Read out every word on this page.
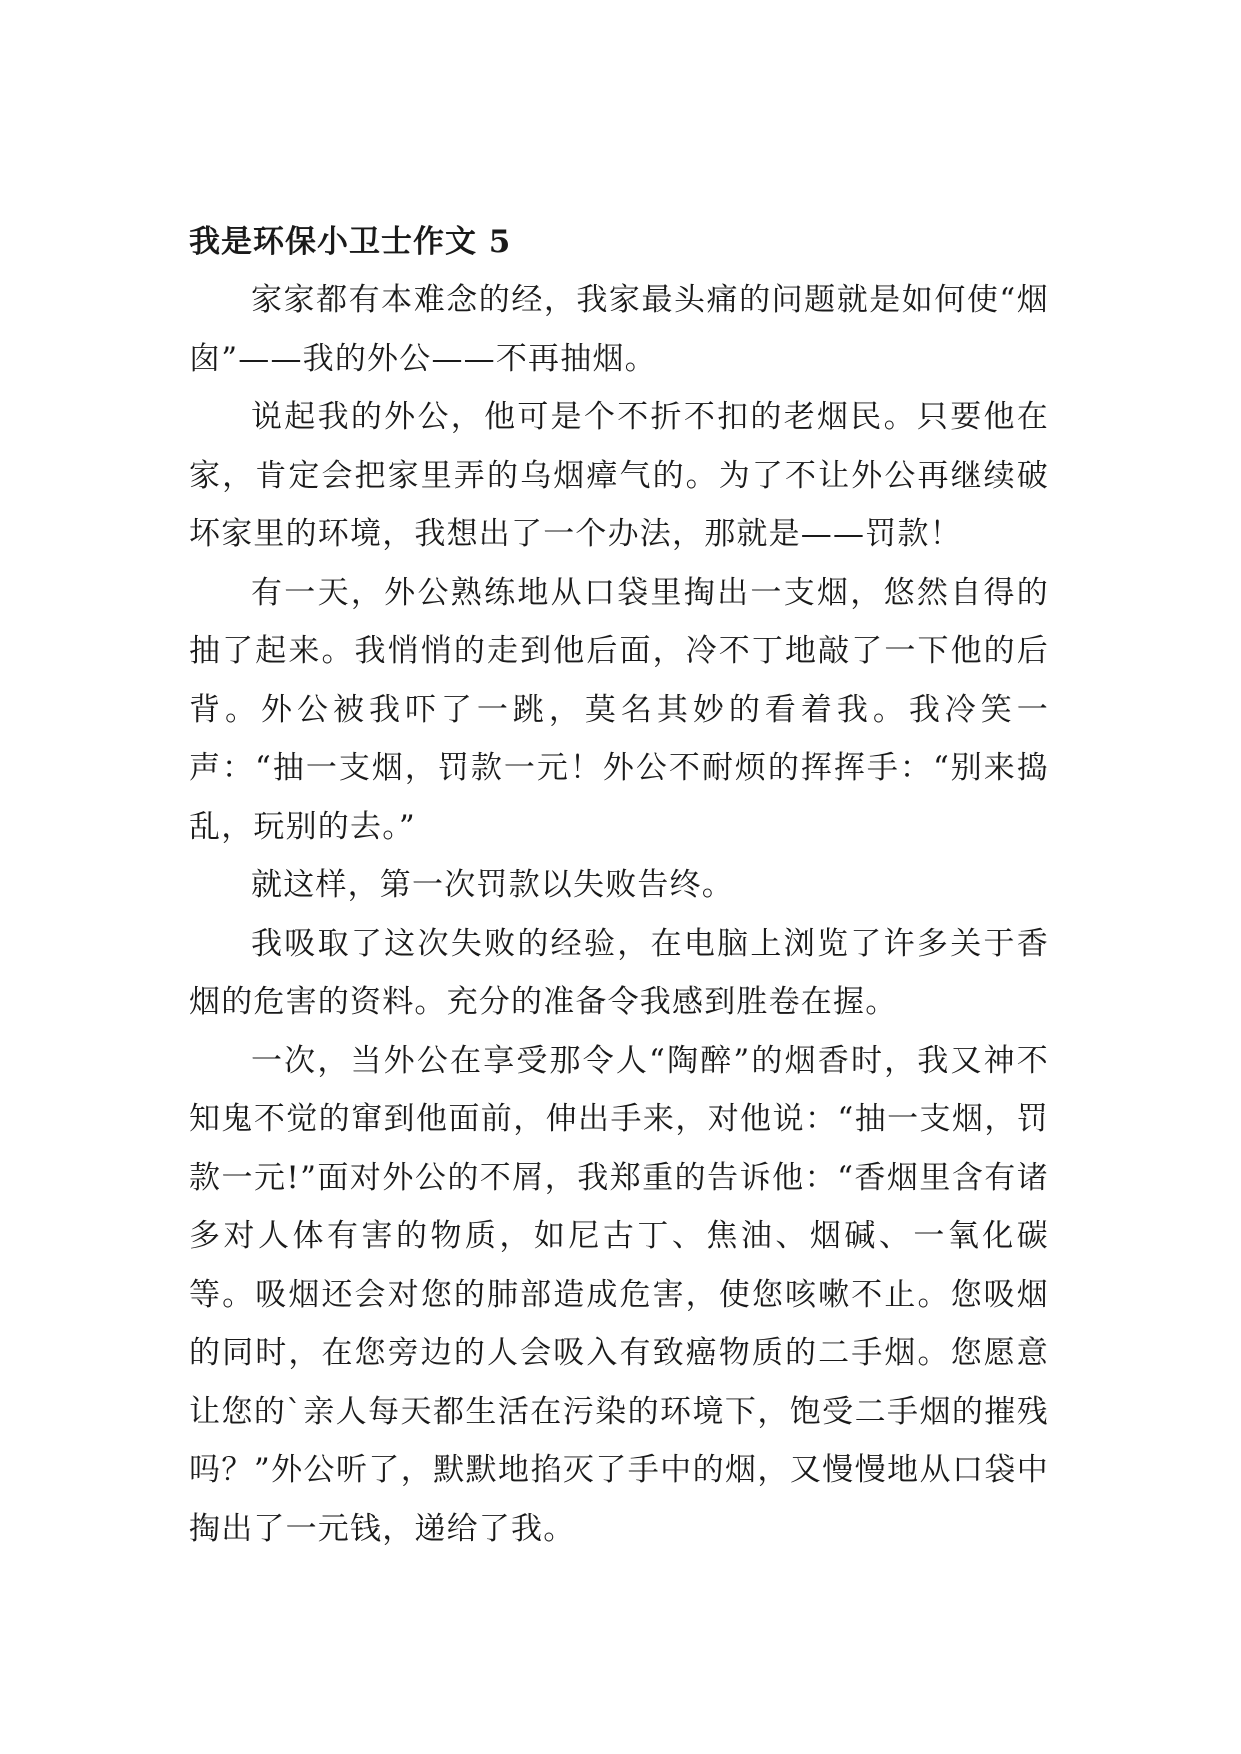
我是环保小卫士作文 5

家家都有本难念的经，我家最头痛的问题就是如何使“烟囱”——我的外公——不再抽烟。

说起我的外公，他可是个不折不扣的老烟民。只要他在家，肯定会把家里弄的乌烟瘴气的。为了不让外公再继续破坏家里的环境，我想出了一个办法，那就是——罚款！

有一天，外公熟练地从口袋里掏出一支烟，悠然自得的抽了起来。我悄悄的走到他后面，冷不丁地敲了一下他的后背。外公被我吓了一跳，莫名其妙的看着我。我冷笑一声：“抽一支烟，罚款一元！外公不耐烦的挥挥手：“别来捣乱，玩别的去。”

就这样，第一次罚款以失败告终。

我吸取了这次失败的经验，在电脑上浏览了许多关于香烟的危害的资料。充分的准备令我感到胜卷在握。

一次，当外公在享受那令人“陶醉”的烟香时，我又神不知鬼不觉的窜到他面前，伸出手来，对他说：“抽一支烟，罚款一元!”面对外公的不屑，我郑重的告诉他：“香烟里含有诸多对人体有害的物质，如尼古丁、焦油、烟碱、一氧化碳等。吸烟还会对您的肺部造成危害，使您咳嗽不止。您吸烟的同时，在您旁边的人会吸入有致癌物质的二手烟。您愿意让您的`亲人每天都生活在污染的环境下，饱受二手烟的摧残吗？”外公听了，默默地掐灭了手中的烟，又慢慢地从口袋中掏出了一元钱，递给了我。
